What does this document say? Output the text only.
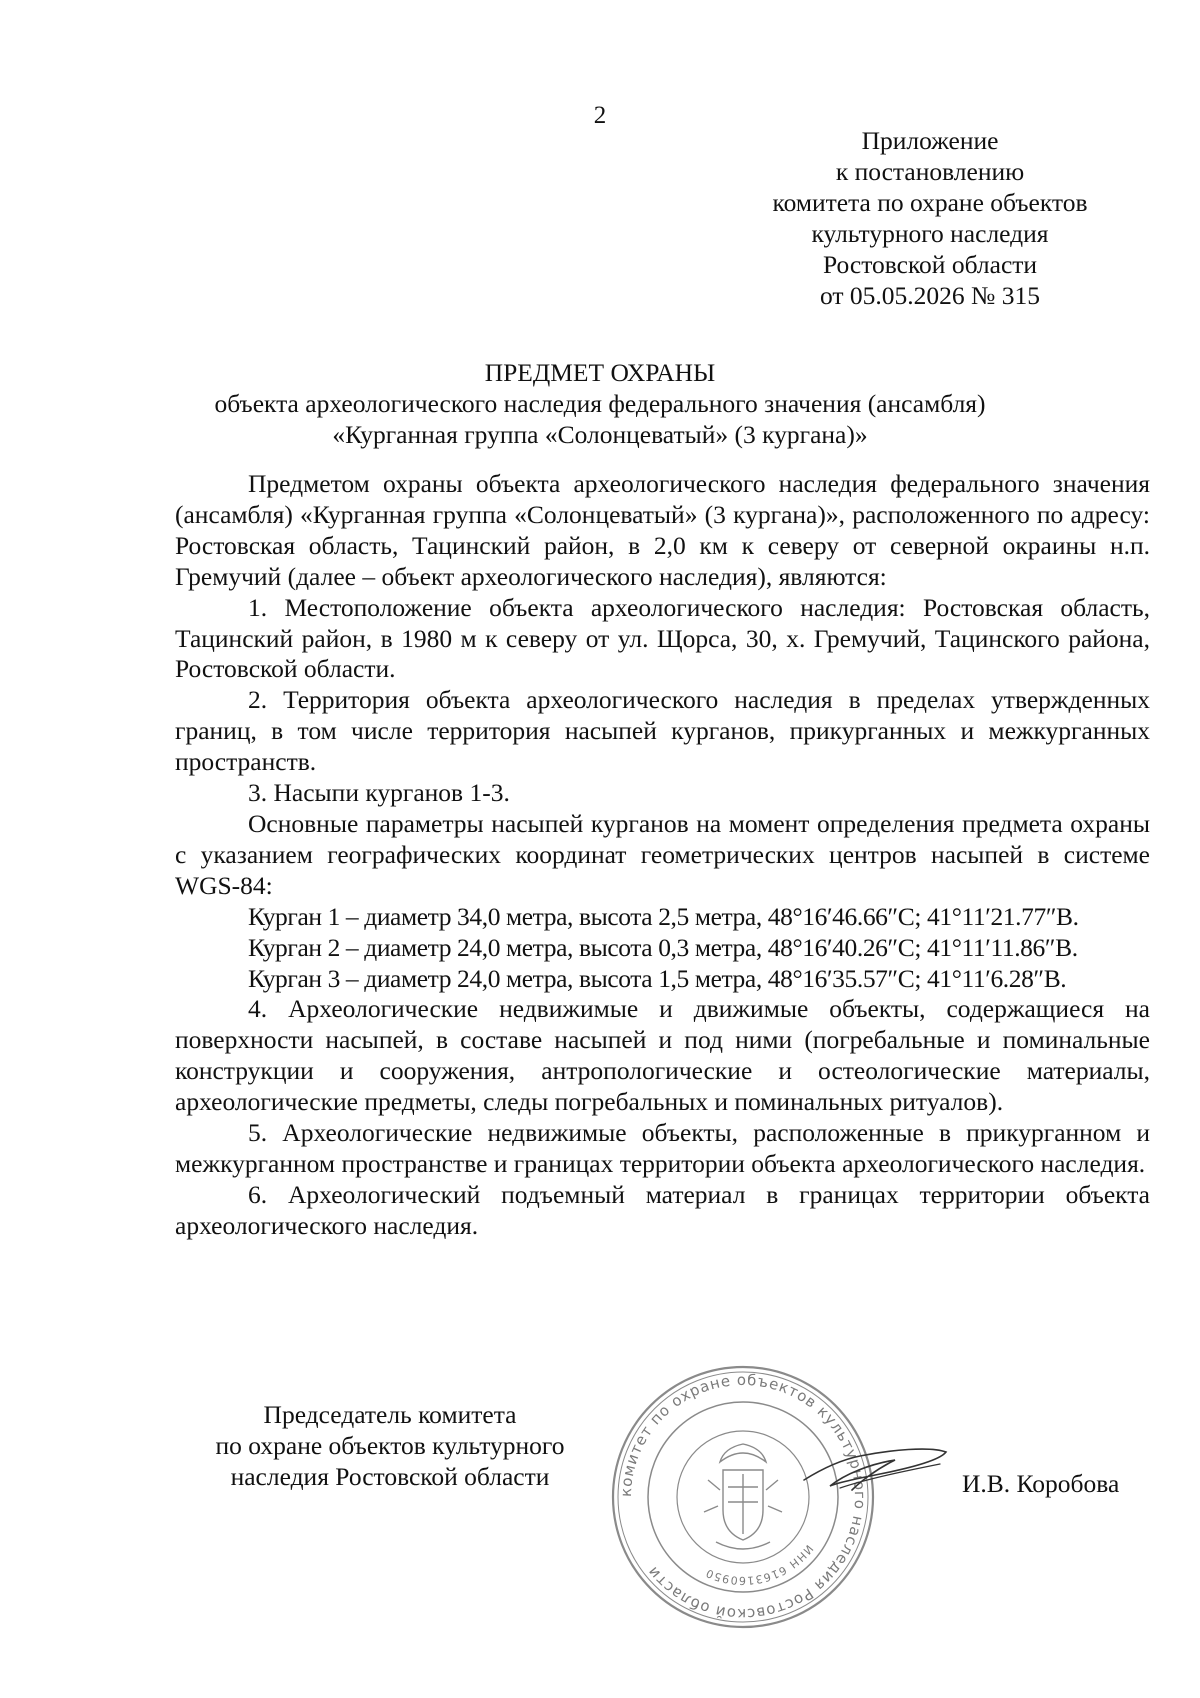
2
Приложение
к постановлению
комитета по охране объектов
культурного наследия
Ростовской области
от 05.05.2026 № 315
ПРЕДМЕТ ОХРАНЫ
объекта археологического наследия федерального значения (ансамбля)
«Курганная группа «Солонцеватый» (3 кургана)»

Предметом охраны объекта археологического наследия федерального значения (ансамбля) «Курганная группа «Солонцеватый» (3 кургана)», расположенного по адресу: Ростовская область, Тацинский район, в 2,0 км к северу от северной окраины н.п. Гремучий (далее – объект археологического наследия), являются:

1. Местоположение объекта археологического наследия: Ростовская область, Тацинский район, в 1980 м к северу от ул. Щорса, 30, х. Гремучий, Тацинского района, Ростовской области.

2. Территория объекта археологического наследия в пределах утвержденных границ, в том числе территория насыпей курганов, прикурганных и межкурганных пространств.

3. Насыпи курганов 1-3.

Основные параметры насыпей курганов на момент определения предмета охраны с указанием географических координат геометрических центров насыпей в системе WGS-84:

Курган 1 – диаметр 34,0 метра, высота 2,5 метра, 48°16′46.66″С; 41°11′21.77″В.

Курган 2 – диаметр 24,0 метра, высота 0,3 метра, 48°16′40.26″С; 41°11′11.86″В.

Курган 3 – диаметр 24,0 метра, высота 1,5 метра, 48°16′35.57″С; 41°11′6.28″В.

4. Археологические недвижимые и движимые объекты, содержащиеся на поверхности насыпей, в составе насыпей и под ними (погребальные и поминальные конструкции и сооружения, антропологические и остеологические материалы, археологические предметы, следы погребальных и поминальных ритуалов).

5. Археологические недвижимые объекты, расположенные в прикурганном и межкурганном пространстве и границах территории объекта археологического наследия.

6. Археологический подъемный материал в границах территории объекта археологического наследия.

Председатель комитета
по охране объектов культурного
наследия Ростовской области
комитет по охране объектов культурного наследия Ростовской области
ИНН 6163160950
И.В. Коробова
